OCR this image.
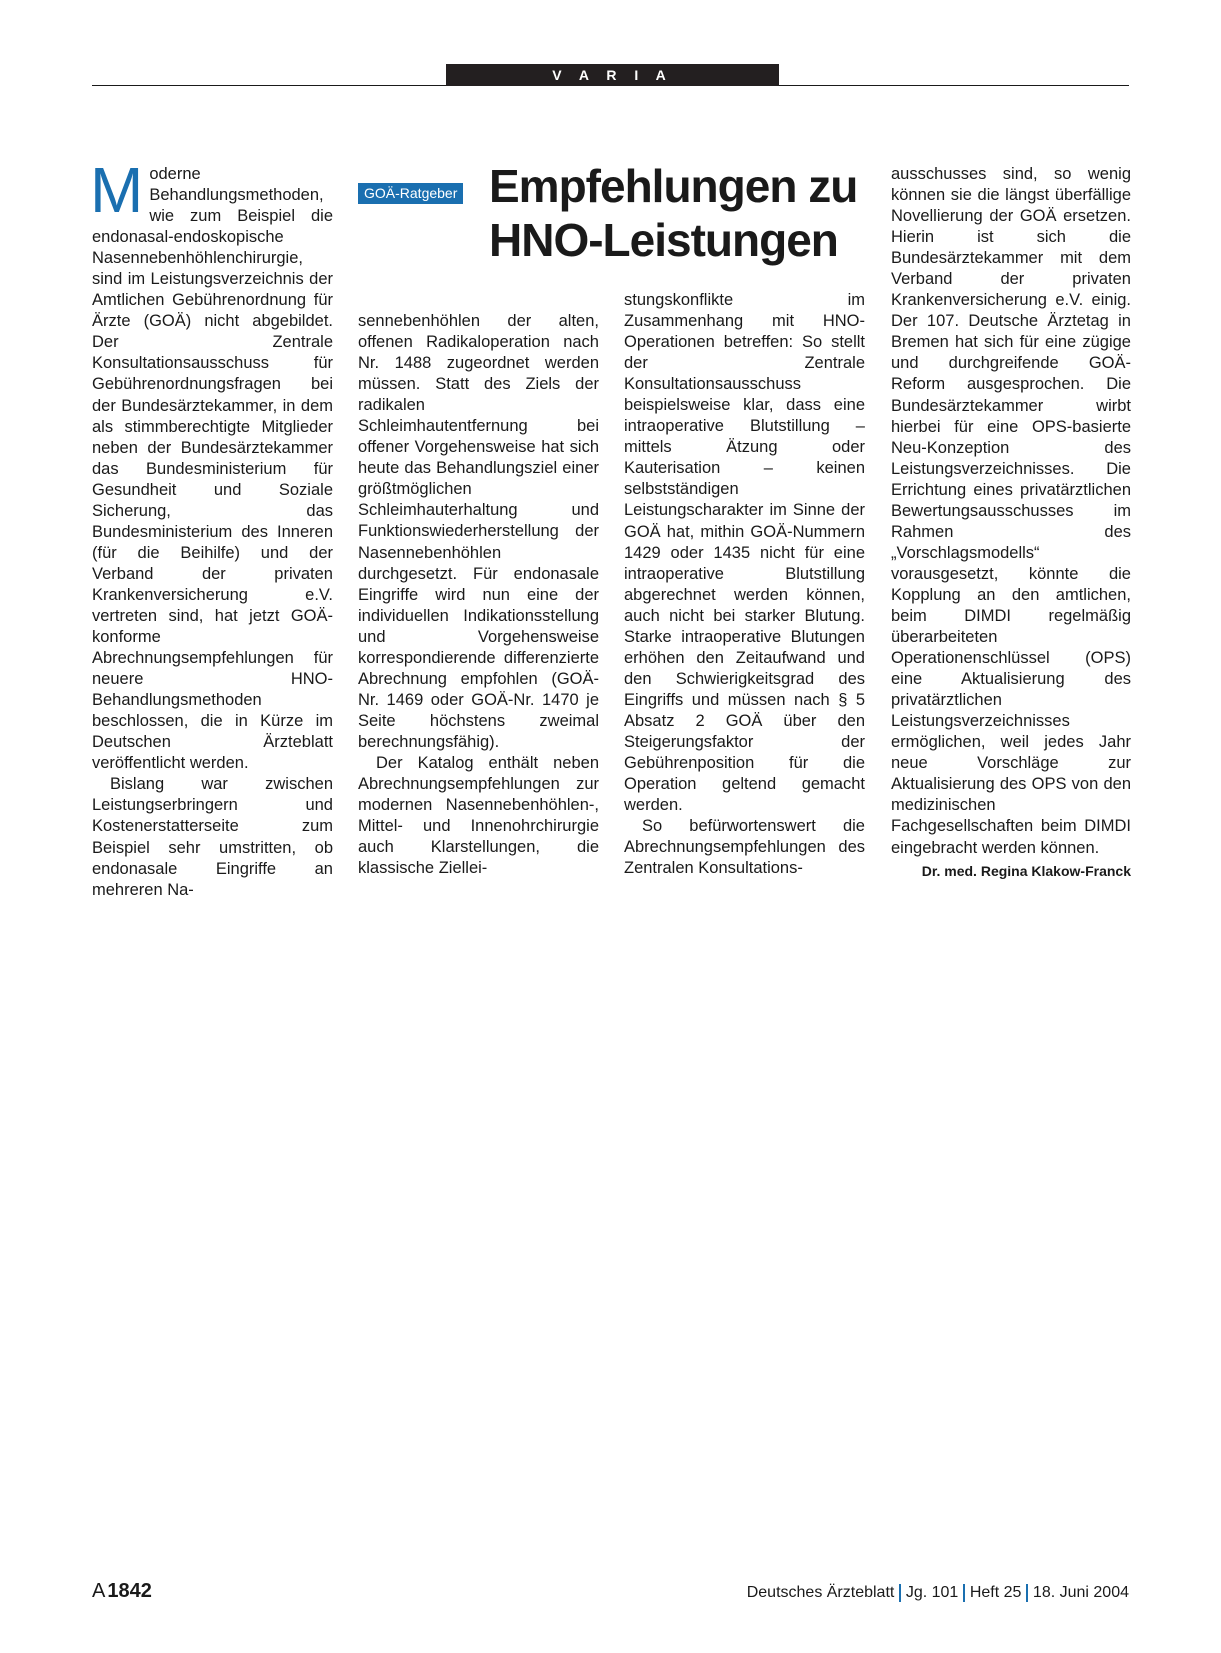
V A R I A
GOÄ-Ratgeber Empfehlungen zu
HNO-Leistungen

Moderne Behandlungsmethoden, wie zum Beispiel die endonasal-endoskopische Nasennebenhöhlenchirurgie, sind im Leistungsverzeichnis der Amtlichen Gebührenordnung für Ärzte (GOÄ) nicht abgebildet. Der Zentrale Konsultationsausschuss für Gebührenordnungsfragen bei der Bundesärztekammer, in dem als stimmberechtigte Mitglieder neben der Bundesärztekammer das Bundesministerium für Gesundheit und Soziale Sicherung, das Bundesministerium des Inneren (für die Beihilfe) und der Verband der privaten Krankenversicherung e.V. vertreten sind, hat jetzt GOÄ-konforme Abrechnungsempfehlungen für neuere HNO-Behandlungsmethoden beschlossen, die in Kürze im Deutschen Ärzteblatt veröffentlicht werden.

Bislang war zwischen Leistungserbringern und Kostenerstatterseite zum Beispiel sehr umstritten, ob endonasale Eingriffe an mehreren Na-

sennebenhöhlen der alten, offenen Radikaloperation nach Nr. 1488 zugeordnet werden müssen. Statt des Ziels der radikalen Schleimhautentfernung bei offener Vorgehensweise hat sich heute das Behandlungsziel einer größtmöglichen Schleimhauterhaltung und Funktionswiederherstellung der Nasennebenhöhlen durchgesetzt. Für endonasale Eingriffe wird nun eine der individuellen Indikationsstellung und Vorgehensweise korrespondierende differenzierte Abrechnung empfohlen (GOÄ-Nr. 1469 oder GOÄ-Nr. 1470 je Seite höchstens zweimal berechnungsfähig).

Der Katalog enthält neben Abrechnungsempfehlungen zur modernen Nasennebenhöhlen-, Mittel- und Innenohrchirurgie auch Klarstellungen, die klassische Ziellei-

stungskonflikte im Zusammenhang mit HNO-Operationen betreffen: So stellt der Zentrale Konsultationsausschuss beispielsweise klar, dass eine intraoperative Blutstillung – mittels Ätzung oder Kauterisation – keinen selbstständigen Leistungscharakter im Sinne der GOÄ hat, mithin GOÄ-Nummern 1429 oder 1435 nicht für eine intraoperative Blutstillung abgerechnet werden können, auch nicht bei starker Blutung. Starke intraoperative Blutungen erhöhen den Zeitaufwand und den Schwierigkeitsgrad des Eingriffs und müssen nach § 5 Absatz 2 GOÄ über den Steigerungsfaktor der Gebührenposition für die Operation geltend gemacht werden.

So befürwortenswert die Abrechnungsempfehlungen des Zentralen Konsultations-

ausschusses sind, so wenig können sie die längst überfällige Novellierung der GOÄ ersetzen. Hierin ist sich die Bundesärztekammer mit dem Verband der privaten Krankenversicherung e.V. einig. Der 107. Deutsche Ärztetag in Bremen hat sich für eine zügige und durchgreifende GOÄ-Reform ausgesprochen. Die Bundesärztekammer wirbt hierbei für eine OPS-basierte Neu-Konzeption des Leistungsverzeichnisses. Die Errichtung eines privatärztlichen Bewertungsausschusses im Rahmen des „Vorschlagsmodells“ vorausgesetzt, könnte die Kopplung an den amtlichen, beim DIMDI regelmäßig überarbeiteten Operationenschlüssel (OPS) eine Aktualisierung des privatärztlichen Leistungsverzeichnisses ermöglichen, weil jedes Jahr neue Vorschläge zur Aktualisierung des OPS von den medizinischen Fachgesellschaften beim DIMDI eingebracht werden können.

Dr. med. Regina Klakow-Franck
A 1842	Deutsches Ärzteblatt Jg. 101 Heft 25 18. Juni 2004
